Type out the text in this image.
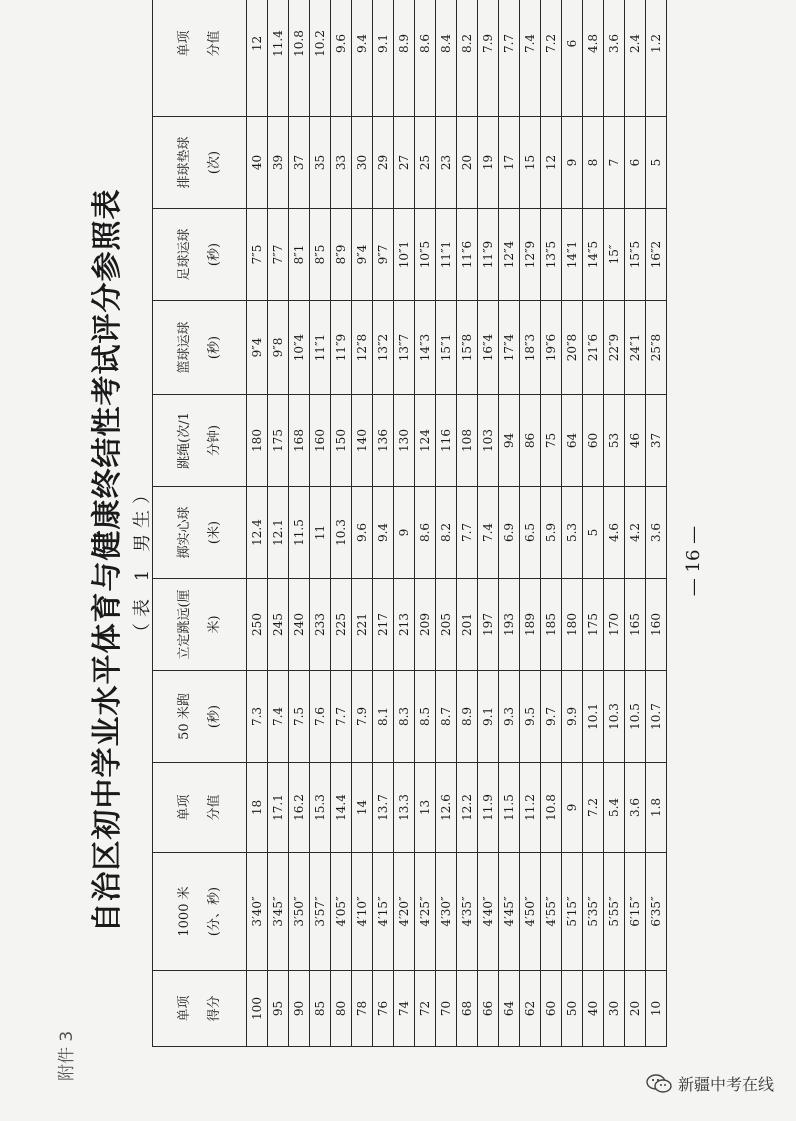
附件 3
自治区初中学业水平体育与健康终结性考试评分参照表 （表 1 男生）
单项 得分	1000 米 (分、秒)	单项 分值	50 米跑 (秒)	立定跳远(厘 米)	掷实心球 (米)	跳绳(次/1 分钟)	篮球运球 (秒)	足球运球 (秒)	排球垫球 (次)	单项 分值

100	3′40″	18	7.3	250	12.4	180	9″4	7″5	40	12
95	3′45″	17.1	7.4	245	12.1	175	9″8	7″7	39	11.4
90	3′50″	16.2	7.5	240	11.5	168	10″4	8″1	37	10.8
85	3′57″	15.3	7.6	233	11	160	11″1	8″5	35	10.2
80	4′05″	14.4	7.7	225	10.3	150	11″9	8″9	33	9.6
78	4′10″	14	7.9	221	9.6	140	12″8	9″4	30	9.4
76	4′15″	13.7	8.1	217	9.4	136	13″2	9″7	29	9.1
74	4′20″	13.3	8.3	213	9	130	13″7	10″1	27	8.9
72	4′25″	13	8.5	209	8.6	124	14″3	10″5	25	8.6
70	4′30″	12.6	8.7	205	8.2	116	15″1	11″1	23	8.4
68	4′35″	12.2	8.9	201	7.7	108	15″8	11″6	20	8.2
66	4′40″	11.9	9.1	197	7.4	103	16″4	11″9	19	7.9
64	4′45″	11.5	9.3	193	6.9	94	17″4	12″4	17	7.7
62	4′50″	11.2	9.5	189	6.5	86	18″3	12″9	15	7.4
60	4′55″	10.8	9.7	185	5.9	75	19″6	13″5	12	7.2
50	5′15″	9	9.9	180	5.3	64	20″8	14″1	9	6
40	5′35″	7.2	10.1	175	5	60	21″6	14″5	8	4.8
30	5′55″	5.4	10.3	170	4.6	53	22″9	15″	7	3.6
20	6′15″	3.6	10.5	165	4.2	46	24″1	15″5	6	2.4
10	6′35″	1.8	10.7	160	3.6	37	25″8	16″2	5	1.2
— 16 —
新疆中考在线
